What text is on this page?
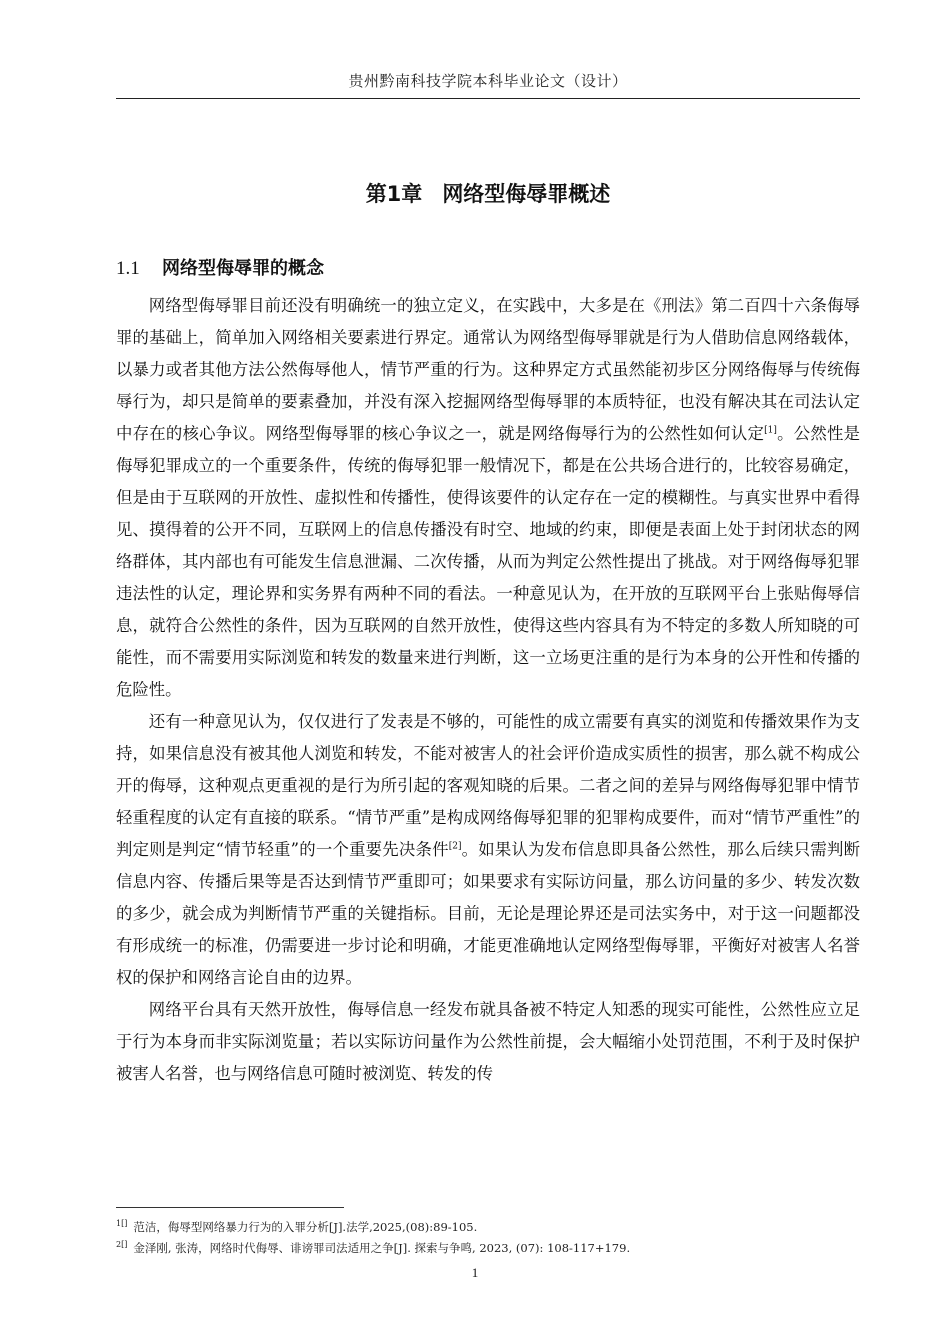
贵州黔南科技学院本科毕业论文（设计）
第1章 网络型侮辱罪概述
1.1 网络型侮辱罪的概念

网络型侮辱罪目前还没有明确统一的独立定义，在实践中，大多是在《刑法》第二百四十六条侮辱罪的基础上，简单加入网络相关要素进行界定。通常认为网络型侮辱罪就是行为人借助信息网络载体，以暴力或者其他方法公然侮辱他人，情节严重的行为。这种界定方式虽然能初步区分网络侮辱与传统侮辱行为，却只是简单的要素叠加，并没有深入挖掘网络型侮辱罪的本质特征，也没有解决其在司法认定中存在的核心争议。网络型侮辱罪的核心争议之一，就是网络侮辱行为的公然性如何认定[1]。公然性是侮辱犯罪成立的一个重要条件，传统的侮辱犯罪一般情况下，都是在公共场合进行的，比较容易确定，但是由于互联网的开放性、虚拟性和传播性，使得该要件的认定存在一定的模糊性。与真实世界中看得见、摸得着的公开不同，互联网上的信息传播没有时空、地域的约束，即便是表面上处于封闭状态的网络群体，其内部也有可能发生信息泄漏、二次传播，从而为判定公然性提出了挑战。对于网络侮辱犯罪违法性的认定，理论界和实务界有两种不同的看法。一种意见认为，在开放的互联网平台上张贴侮辱信息，就符合公然性的条件，因为互联网的自然开放性，使得这些内容具有为不特定的多数人所知晓的可能性，而不需要用实际浏览和转发的数量来进行判断，这一立场更注重的是行为本身的公开性和传播的危险性。

还有一种意见认为，仅仅进行了发表是不够的，可能性的成立需要有真实的浏览和传播效果作为支持，如果信息没有被其他人浏览和转发，不能对被害人的社会评价造成实质性的损害，那么就不构成公开的侮辱，这种观点更重视的是行为所引起的客观知晓的后果。二者之间的差异与网络侮辱犯罪中情节轻重程度的认定有直接的联系。“情节严重”是构成网络侮辱犯罪的犯罪构成要件，而对“情节严重性”的判定则是判定“情节轻重”的一个重要先决条件[2]。如果认为发布信息即具备公然性，那么后续只需判断信息内容、传播后果等是否达到情节严重即可；如果要求有实际访问量，那么访问量的多少、转发次数的多少，就会成为判断情节严重的关键指标。目前，无论是理论界还是司法实务中，对于这一问题都没有形成统一的标准，仍需要进一步讨论和明确，才能更准确地认定网络型侮辱罪，平衡好对被害人名誉权的保护和网络言论自由的边界。

网络平台具有天然开放性，侮辱信息一经发布就具备被不特定人知悉的现实可能性，公然性应立足于行为本身而非实际浏览量；若以实际访问量作为公然性前提，会大幅缩小处罚范围，不利于及时保护被害人名誉，也与网络信息可随时被浏览、转发的传

$^{1[]}$ 范洁，侮辱型网络暴力行为的入罪分析[J].法学,2025,(08):89-105.
$^{2[]}$ 金泽刚, 张涛，网络时代侮辱、诽谤罪司法适用之争[J]. 探索与争鸣, 2023, (07): 108-117+179.
1
